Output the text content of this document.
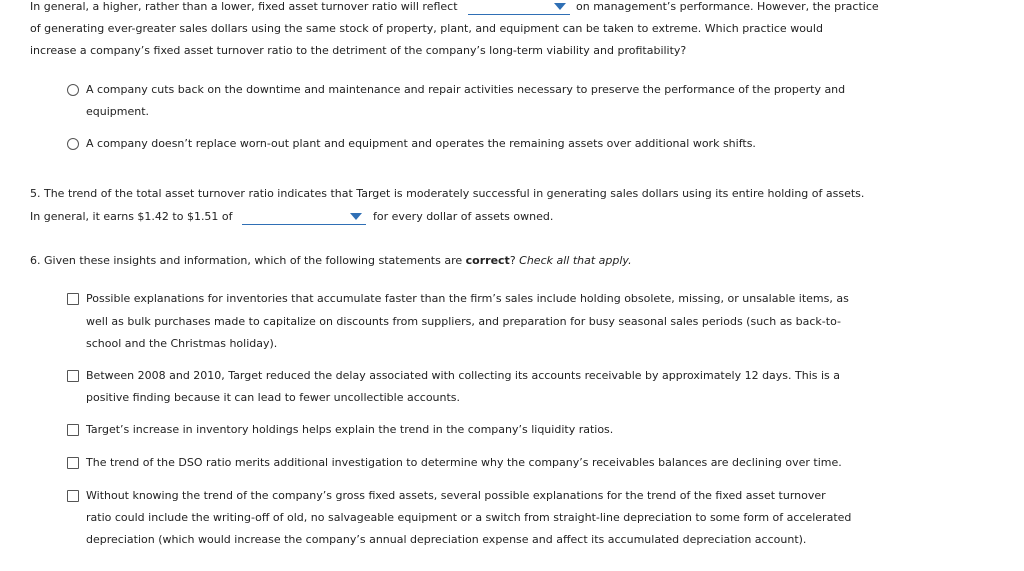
In general, a higher, rather than a lower, fixed asset turnover ratio will reflect	on management’s performance. However, the practice
of generating ever-greater sales dollars using the same stock of property, plant, and equipment can be taken to extreme. Which practice would
increase a company’s fixed asset turnover ratio to the detriment of the company’s long-term viability and profitability?
A company cuts back on the downtime and maintenance and repair activities necessary to preserve the performance of the property and
equipment.
A company doesn’t replace worn-out plant and equipment and operates the remaining assets over additional work shifts.
5. The trend of the total asset turnover ratio indicates that Target is moderately successful in generating sales dollars using its entire holding of assets.
In general, it earns $1.42 to $1.51 of	for every dollar of assets owned.
6. Given these insights and information, which of the following statements are correct? Check all that apply.
Possible explanations for inventories that accumulate faster than the firm’s sales include holding obsolete, missing, or unsalable items, as
well as bulk purchases made to capitalize on discounts from suppliers, and preparation for busy seasonal sales periods (such as back-to-
school and the Christmas holiday).
Between 2008 and 2010, Target reduced the delay associated with collecting its accounts receivable by approximately 12 days. This is a
positive finding because it can lead to fewer uncollectible accounts.
Target’s increase in inventory holdings helps explain the trend in the company’s liquidity ratios.
The trend of the DSO ratio merits additional investigation to determine why the company’s receivables balances are declining over time.
Without knowing the trend of the company’s gross fixed assets, several possible explanations for the trend of the fixed asset turnover
ratio could include the writing-off of old, no salvageable equipment or a switch from straight-line depreciation to some form of accelerated
depreciation (which would increase the company’s annual depreciation expense and affect its accumulated depreciation account).
